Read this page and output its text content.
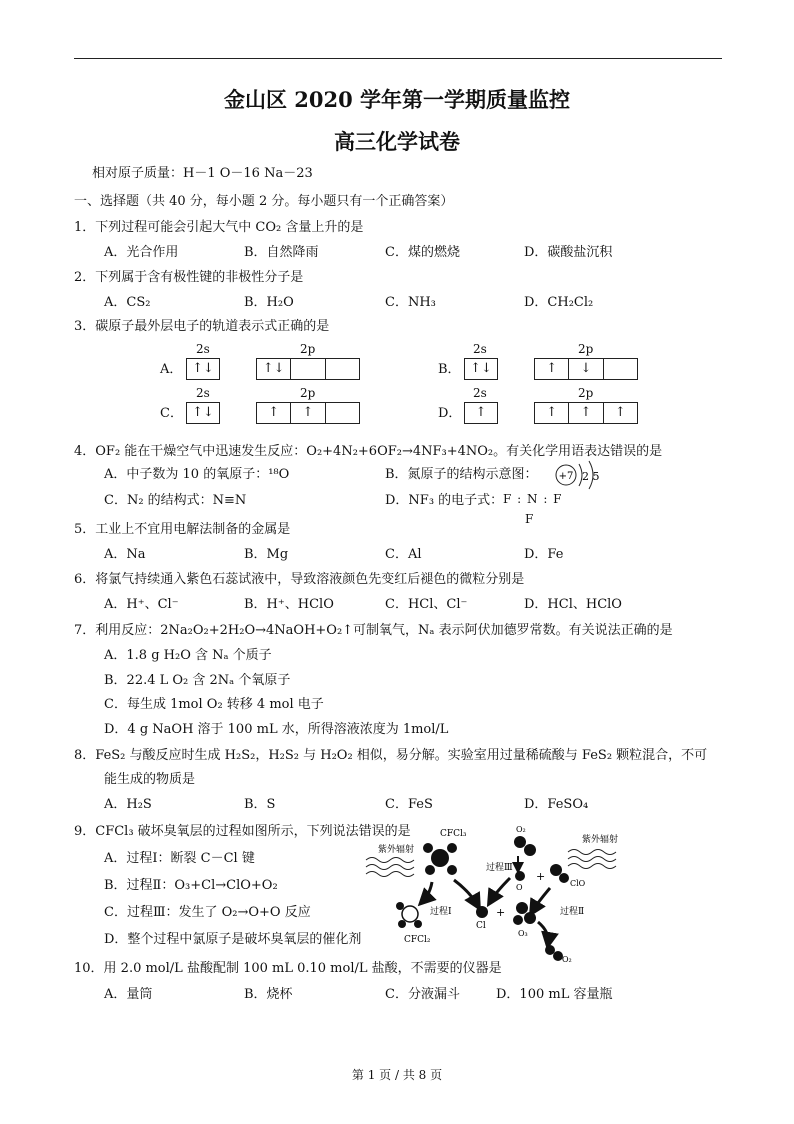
金山区 2020 学年第一学期质量监控
高三化学试卷
相对原子质量：H－1 O－16 Na－23
一、选择题（共 40 分，每小题 2 分。每小题只有一个正确答案）
1．下列过程可能会引起大气中 CO₂ 含量上升的是
A．光合作用	B．自然降雨	C．煤的燃烧	D．碳酸盐沉积
2．下列属于含有极性键的非极性分子是
A．CS₂	B．H₂O	C．NH₃	D．CH₂Cl₂
3．碳原子最外层电子的轨道表示式正确的是
2s	2p
A． ↑↓	↑↓
2s	2p
B． ↑↓	↑	↓
2s	2p
C． ↑↓	↑	↑
2s	2p
D．	↑	↑	↑	↑
4．OF₂ 能在干燥空气中迅速发生反应：O₂+4N₂+6OF₂→4NF₃+4NO₂。有关化学用语表达错误的是
A．中子数为 10 的氧原子：¹⁸O	B．氮原子的结构示意图： +7 2 5
C．N₂ 的结构式：N≡N	D．NF₃ 的电子式： F : N : F
F
5．工业上不宜用电解法制备的金属是
A．Na	B．Mg	C．Al	D．Fe
6．将氯气持续通入紫色石蕊试液中，导致溶液颜色先变红后褪色的微粒分别是
A．H⁺、Cl⁻	B．H⁺、HClO	C．HCl、Cl⁻	D．HCl、HClO
7．利用反应：2Na₂O₂+2H₂O→4NaOH+O₂↑可制氧气，Nₐ 表示阿伏加德罗常数。有关说法正确的是
A．1.8 g H₂O 含 Nₐ 个质子
B．22.4 L O₂ 含 2Nₐ 个氧原子
C．每生成 1mol O₂ 转移 4 mol 电子
D．4 g NaOH 溶于 100 mL 水，所得溶液浓度为 1mol/L
8．FeS₂ 与酸反应时生成 H₂S₂，H₂S₂ 与 H₂O₂ 相似，易分解。实验室用过量稀硫酸与 FeS₂ 颗粒混合，不可
能生成的物质是
A．H₂S	B．S	C．FeS	D．FeSO₄
9．CFCl₃ 破坏臭氧层的过程如图所示，下列说法错误的是
A．过程Ⅰ：断裂 C－Cl 键
B．过程Ⅱ：O₃+Cl→ClO+O₂
C．过程Ⅲ：发生了 O₂→O+O 反应
D．整个过程中氯原子是破坏臭氧层的催化剂
紫外辐射
紫外辐射
CFCl₃
过程Ⅰ
CFCl₂
Cl
+
O₂
过程Ⅲ
O
+
ClO
过程Ⅱ
O₃
O₂
10．用 2.0 mol/L 盐酸配制 100 mL 0.10 mol/L 盐酸，不需要的仪器是
A．量筒	B．烧杯	C．分液漏斗	D．100 mL 容量瓶
第 1 页 / 共 8 页
